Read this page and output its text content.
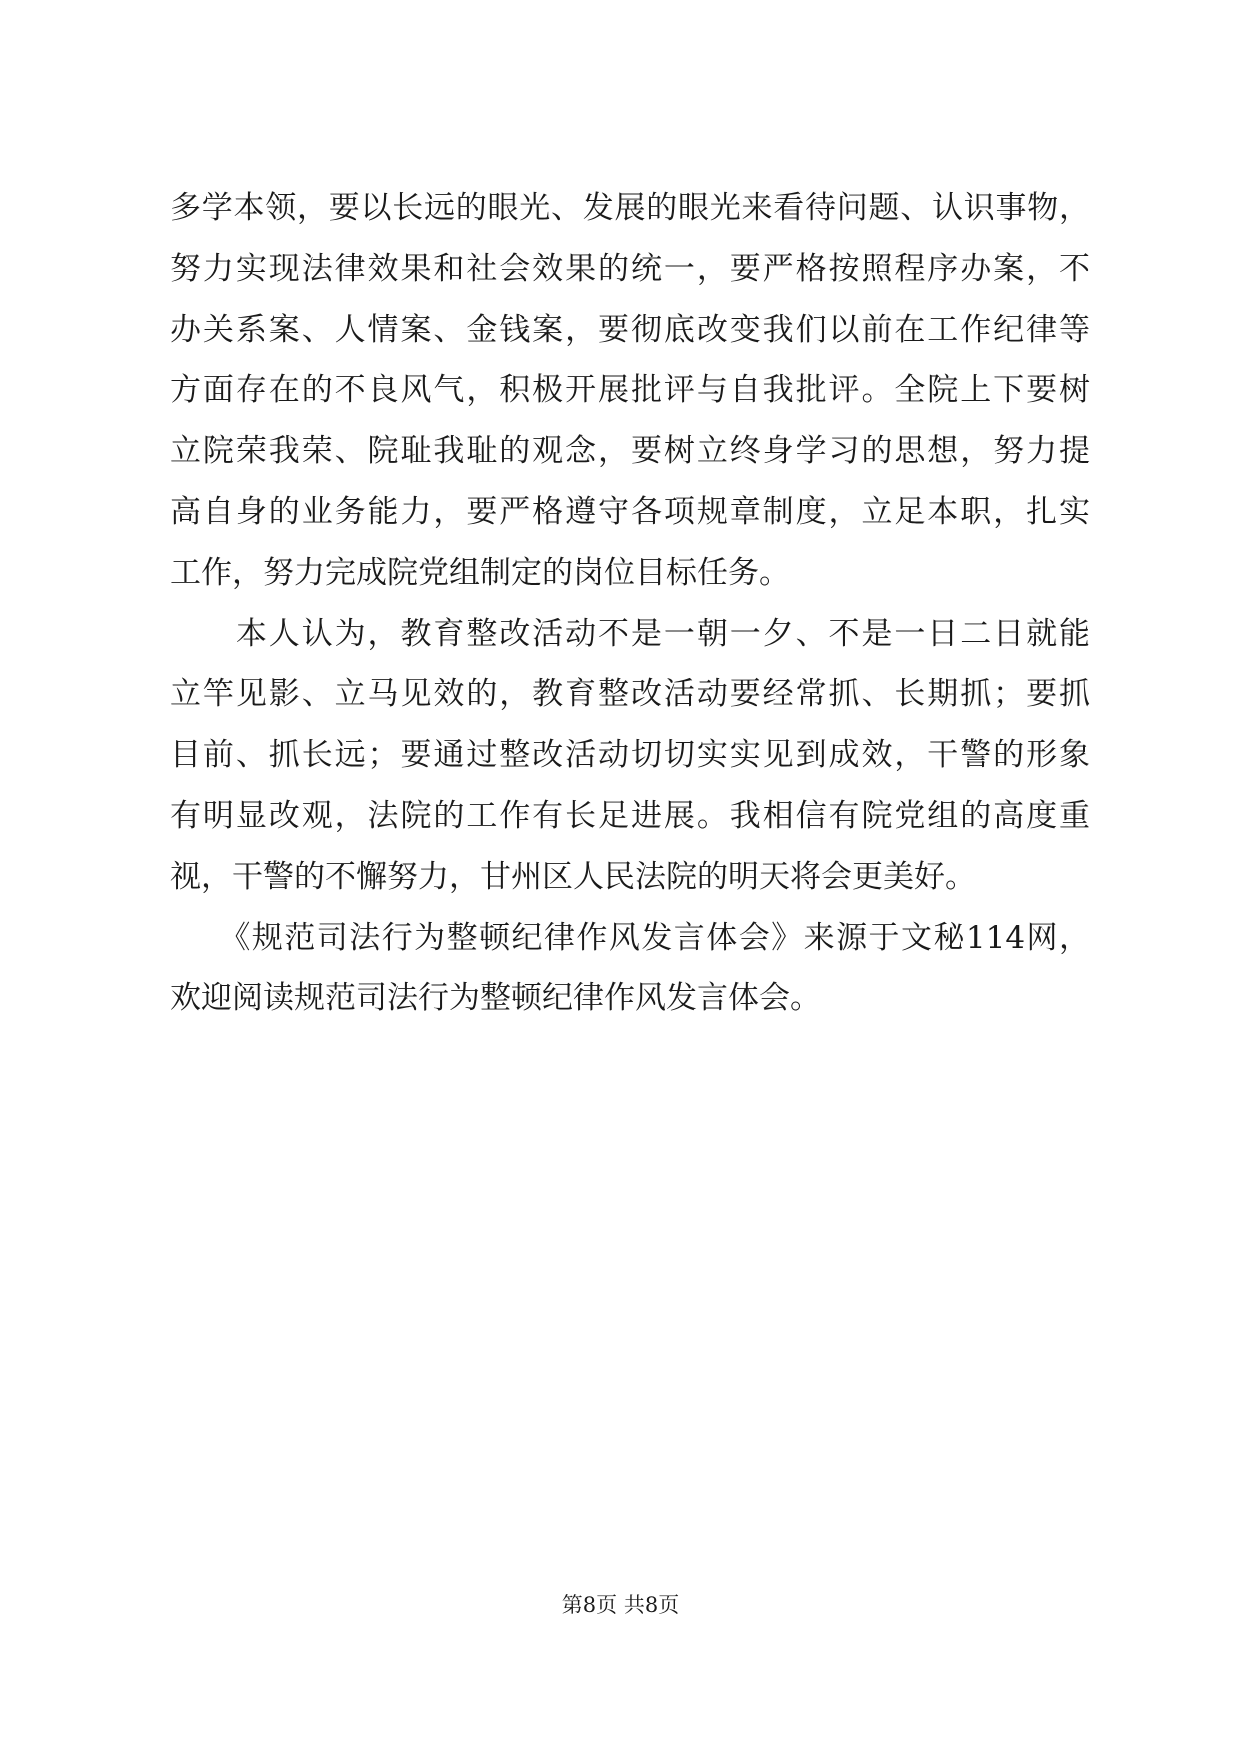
多学本领，要以长远的眼光、发展的眼光来看待问题、认识事物，
努力实现法律效果和社会效果的统一，要严格按照程序办案，不
办关系案、人情案、金钱案，要彻底改变我们以前在工作纪律等
方面存在的不良风气，积极开展批评与自我批评。全院上下要树
立院荣我荣、院耻我耻的观念，要树立终身学习的思想，努力提
高自身的业务能力，要严格遵守各项规章制度，立足本职，扎实
工作，努力完成院党组制定的岗位目标任务。
　　本人认为，教育整改活动不是一朝一夕、不是一日二日就能
立竿见影、立马见效的，教育整改活动要经常抓、长期抓；要抓
目前、抓长远；要通过整改活动切切实实见到成效，干警的形象
有明显改观，法院的工作有长足进展。我相信有院党组的高度重
视，干警的不懈努力，甘州区人民法院的明天将会更美好。
　　《规范司法行为整顿纪律作风发言体会》来源于文秘114网，
欢迎阅读规范司法行为整顿纪律作风发言体会。
第8页 共8页
